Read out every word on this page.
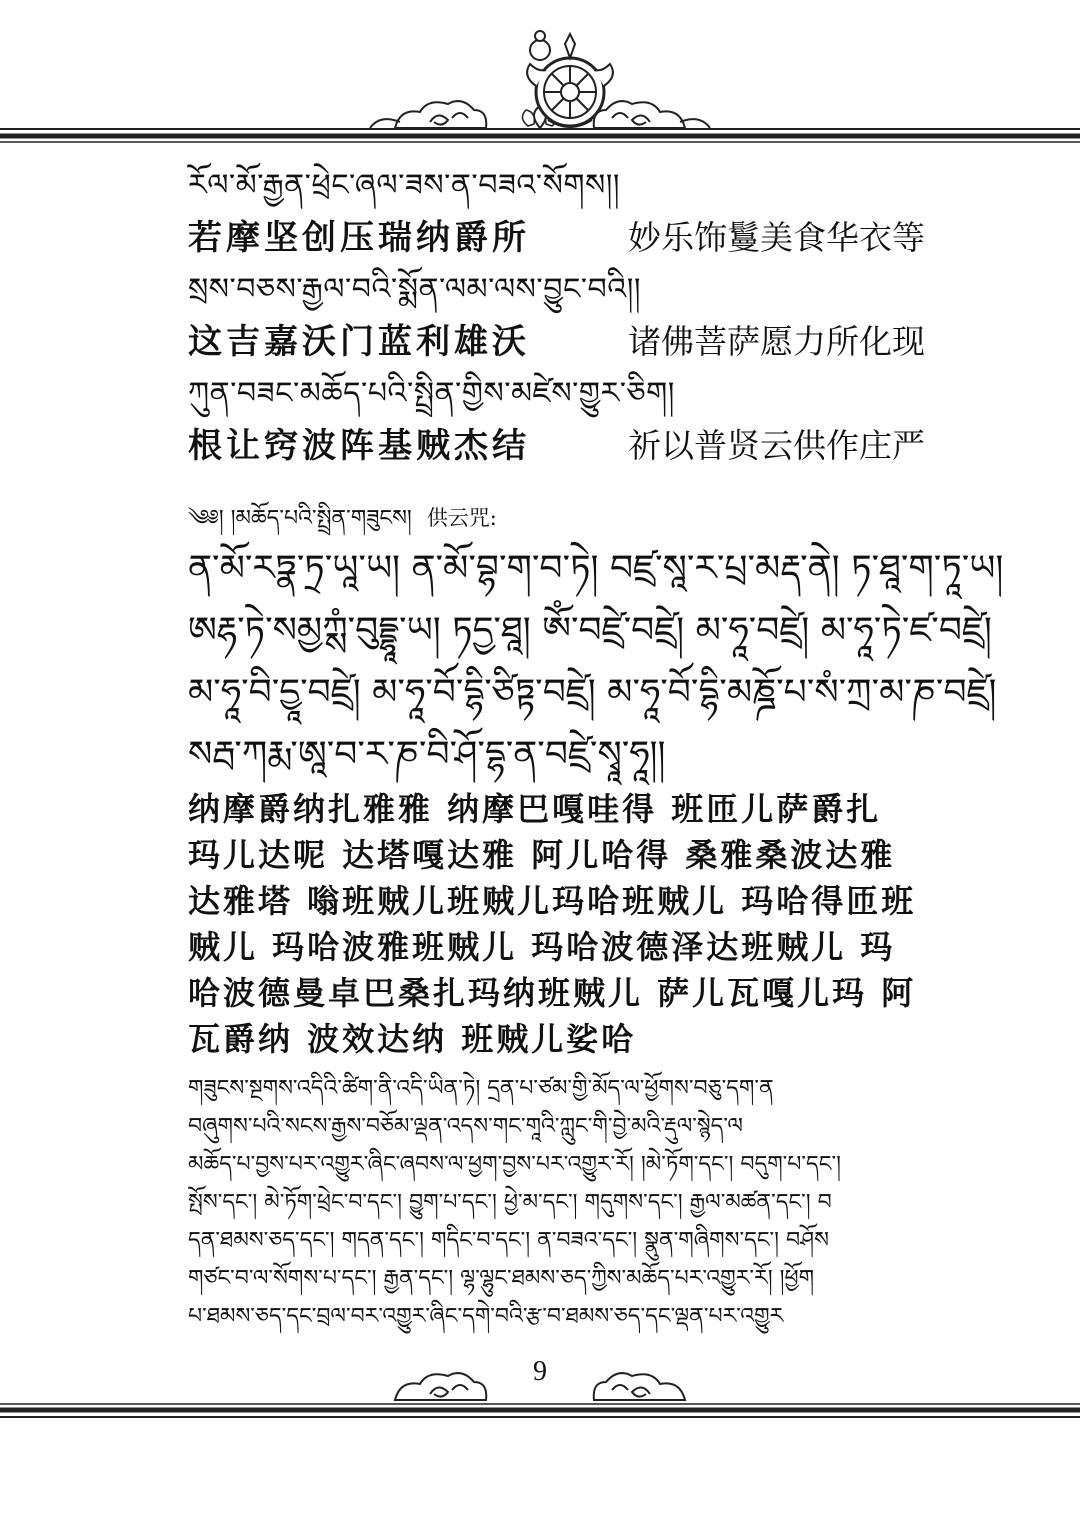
རོལ་མོ་རྒྱན་ཕྲེང་ཞལ་ཟས་ན་བཟའ་སོགས།།
若摩坚创压瑞纳爵所	妙乐饰鬘美食华衣等
སྲས་བཅས་རྒྱལ་བའི་སྨོན་ལམ་ལས་བྱུང་བའི།།
这吉嘉沃门蓝利雄沃	诸佛菩萨愿力所化现
ཀུན་བཟང་མཆོད་པའི་སྤྲིན་གྱིས་མཛེས་གྱུར་ཅིག།
根让窍波阵基贼杰结	祈以普贤云供作庄严
༄༅། །མཆོད་པའི་སྤྲིན་གཟུངས། 供云咒:
ན་མོ་རཏྣ་ཏྲ་ཡཱ་ཡ། ན་མོ་བྷ་ག་བ་ཏེ། བཛྲ་སཱ་ར་པྲ་མརྡ་ནེ། ཏ་ཐཱ་ག་ཏཱ་ཡ།
ཨརྷ་ཏེ་སམྱཀྶཾ་བུདྡྷཱ་ཡ། ཏདྱ་ཐཱ། ཨོཾ་བཛྲེ་བཛྲེ། མ་ཧཱ་བཛྲེ། མ་ཧཱ་ཏེ་ཛ་བཛྲེ།
མ་ཧཱ་བི་དྱཱ་བཛྲེ། མ་ཧཱ་བོ་དྷི་ཙིཏྟ་བཛྲེ། མ་ཧཱ་བོ་དྷི་མཎྜོ་པ་སཾ་ཀྲ་མ་ཎ་བཛྲེ།
སརྦ་ཀརྨ་ཨཱ་བ་ར་ཎ་བི་ཤོ་དྷ་ན་བཛྲེ་སྭཱ་ཧཱ།།
纳摩爵纳扎雅雅 纳摩巴嘎哇得 班匝儿萨爵扎
玛儿达呢 达塔嘎达雅 阿儿哈得 桑雅桑波达雅
达雅塔 嗡班贼儿班贼儿玛哈班贼儿 玛哈得匝班
贼儿 玛哈波雅班贼儿 玛哈波德泽达班贼儿 玛
哈波德曼卓巴桑扎玛纳班贼儿 萨儿瓦嘎儿玛 阿
瓦爵纳 波效达纳 班贼儿娑哈
གཟུངས་སྔགས་འདིའི་ཚིག་ནི་འདི་ཡིན་ཏེ། དྲན་པ་ཙམ་གྱི་མོད་ལ་ཕྱོགས་བཅུ་དག་ན
བཞུགས་པའི་སངས་རྒྱས་བཅོམ་ལྡན་འདས་གང་གཱའི་ཀླུང་གི་བྱེ་མའི་རྡུལ་སྙེད་ལ
མཆོད་པ་བྱས་པར་འགྱུར་ཞིང་ཞབས་ལ་ཕྱག་བྱས་པར་འགྱུར་རོ། །མེ་ཏོག་དང་། བདུག་པ་དང་།
སྤོས་དང་། མེ་ཏོག་ཕྲེང་བ་དང་། བྱུག་པ་དང་། ཕྱེ་མ་དང་། གདུགས་དང་། རྒྱལ་མཚན་དང་། བ
དན་ཐམས་ཅད་དང་། གདན་དང་། གདིང་བ་དང་། ན་བཟའ་དང་། སྣུན་གཞིགས་དང་། བཤོས
གཙང་བ་ལ་སོགས་པ་དང་། རྒྱན་དང་། ལྷ་ལྷུང་ཐམས་ཅད་ཀྱིས་མཆོད་པར་འགྱུར་རོ། །ཕྱོག
པ་ཐམས་ཅད་དང་བྲལ་བར་འགྱུར་ཞིང་དགེ་བའི་རྩ་བ་ཐམས་ཅད་དང་ལྡན་པར་འགྱུར
9
